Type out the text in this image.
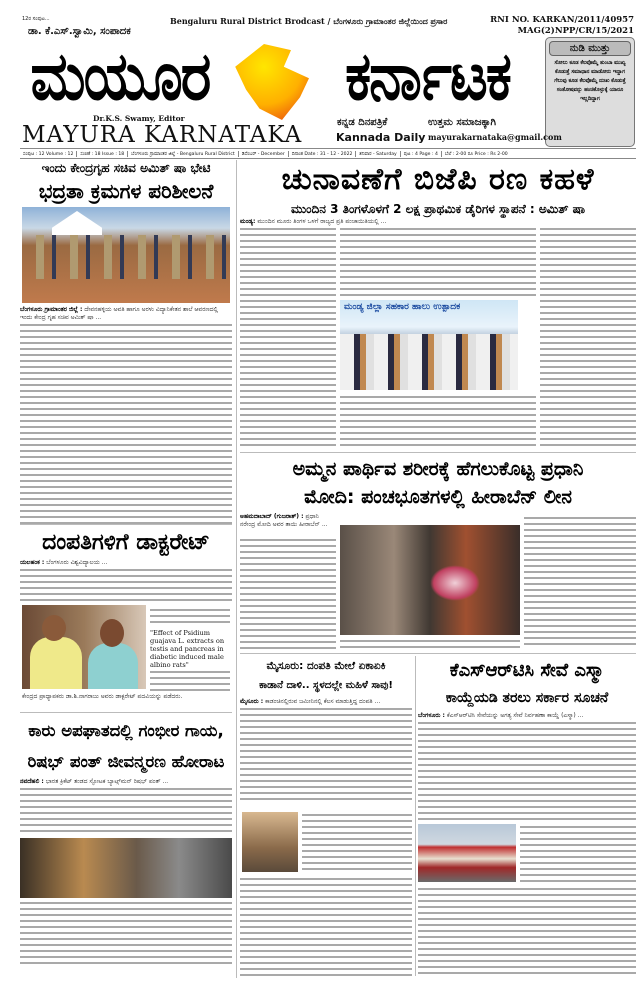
12ರ ಸಂಪುಟ...	Bengaluru Rural District Brodcast / ಬೆಂಗಳೂರು ಗ್ರಾಮಾಂತರ ಜಿಲ್ಲೆಯಿಂದ ಪ್ರಸಾರ	RNI NO. KARKAN/2011/40957
MAG(2)NPP/CR/15/2021
ಡಾ. ಕೆ.ಎಸ್.ಸ್ವಾಮಿ, ಸಂಪಾದಕ
ಮಯೂರ	ಕರ್ನಾಟಕ	ನುಡಿ ಮುತ್ತು
ಸೋಲು ಕೂಡ ಕೆಲವೊಮ್ಮೆ ತುಂಬಾ ಮುಖ್ಯ ಕೊಡುತ್ತೆ ಸಮಾಧಾನ ಮಾಡೋರು ಇದ್ದಾಗ ಗೆಲುವು ಕೂಡ ಕೆಲವೊಮ್ಮೆ ದುಃಖ ಕೊಡುತ್ತೆ ಸಂತೋಷವನ್ನು ಹಂಚಿಕೊಳ್ಳುಕ್ಕೆ ಯಾರೂ ಇಲ್ಲದಿದ್ದಾಗ
Dr.K.S. Swamy, Editor
MAYURA KARNATAKA	ಕನ್ನಡ ದಿನಪತ್ರಿಕೆ	ಉತ್ತಮ ಸಮಾಜಕ್ಕಾಗಿ
Kannada Daily mayurakarnataka@gmail.com
ಸಂಪುಟ : 12 Volume : 12	ಸಂಚಿಕೆ : 18 Issue : 18	ಬೆಂಗಳೂರು ಗ್ರಾಮಾಂತರ ಜಿಲ್ಲೆ - Bengaluru Rural District	ಡಿಸೆಂಬರ್ - December	ದಿನಾಂಕ Date : 31 - 12 - 2022	ಶನಿವಾರ - Saturday	ಪುಟ : 4 Page : 4	ಬೆಲೆ : 2-00 ರೂ Price : Rs 2-00
ಇಂದು ಕೇಂದ್ರಗೃಹ ಸಚಿವ ಅಮಿತ್ ಷಾ ಭೇಟಿ
ಭದ್ರತಾ ಕ್ರಮಗಳ ಪರಿಶೀಲನೆ
ಬೆಂಗಳೂರು ಗ್ರಾಮಾಂತರ ಜಿಲ್ಲೆ : ದೇವನಹಳ್ಳಿಯ ಅವತಿ ಹಾಗೂ ಅರಳು ವಿದ್ಯಾನಿಕೇತನ ಶಾಲೆ ಆವರಣದಲ್ಲಿ ಇಂದು ಕೇಂದ್ರ ಗೃಹ ಸಚಿವ ಅಮಿತ್ ಷಾ ...
ದಂಪತಿಗಳಿಗೆ ಡಾಕ್ಟರೇಟ್
ಯಲಹಂಕ : ಬೆಂಗಳೂರು ವಿಶ್ವವಿದ್ಯಾಲಯ ...
"Effect of Psidium guajava L. extracts on testis and pancreas in diabetic induced male albino rats"
ಕೇಂದ್ರದ ಪ್ರಾಧ್ಯಾಪಕರು ಡಾ.ಶಿ.ನಾಗರಾಜು ಅವರು ಡಾಕ್ಟರೇಟ್ ಪದವಿಯನ್ನು ಪಡೆದರು.
ಕಾರು ಅಪಘಾತದಲ್ಲಿ ಗಂಭೀರ ಗಾಯ,
ರಿಷಭ್ ಪಂತ್ ಜೀವನ್ಮರಣ ಹೋರಾಟ
ನವದೆಹಲಿ : ಭಾರತ ಕ್ರಿಕೆಟ್ ತಂಡದ ಸ್ಫೋಟಕ ಬ್ಯಾಟ್ಸ್‌ಮನ್ ರಿಷಭ್ ಪಂತ್ ...
ಚುನಾವಣೆಗೆ ಬಿಜೆಪಿ ರಣ ಕಹಳೆ
ಮುಂದಿನ 3 ತಿಂಗಳೊಳಗೆ 2 ಲಕ್ಷ ಪ್ರಾಥಮಿಕ ಡೈರಿಗಳ ಸ್ಥಾಪನೆ : ಅಮಿತ್ ಷಾ
ಮಂಡ್ಯ: ಮುಂದಿನ ಮೂರು ತಿಂಗಳ ಒಳಗೆ ರಾಜ್ಯದ ಪ್ರತಿ ಪಂಚಾಯಿತಿಯಲ್ಲಿ ...
ಮಂಡ್ಯ ಜಿಲ್ಲಾ ಸಹಕಾರ ಹಾಲು ಉತ್ಪಾದಕ
ಅಮ್ಮನ ಪಾರ್ಥಿವ ಶರೀರಕ್ಕೆ ಹೆಗಲುಕೊಟ್ಟ ಪ್ರಧಾನಿ
ಮೋದಿ: ಪಂಚಭೂತಗಳಲ್ಲಿ ಹೀರಾಬೆನ್ ಲೀನ
ಅಹಮದಾಬಾದ್ (ಗುಜರಾತ್) : ಪ್ರಧಾನಿ ನರೇಂದ್ರ ಮೋದಿ ಅವರ ತಾಯಿ ಹೀರಾಬೆನ್ ...
ಮೈಸೂರು: ದಂಪತಿ ಮೇಲೆ ಏಕಾಏಕಿ
ಕಾಡಾನೆ ದಾಳಿ.. ಸ್ಥಳದಲ್ಲೇ ಮಹಿಳೆ ಸಾವು!
ಮೈಸೂರು : ಕಾಡಂಚಿನಲ್ಲಿರುವ ಜಮೀನಿನಲ್ಲಿ ಕೆಲಸ ಮಾಡುತ್ತಿದ್ದ ದಂಪತಿ ...
ಕೆಎಸ್‌ಆರ್‌ಟಿಸಿ ಸೇವೆ ಎಸ್ಮಾ
ಕಾಯ್ದೆಯಡಿ ತರಲು ಸರ್ಕಾರ ಸೂಚನೆ
ಬೆಂಗಳೂರು : ಕೆಎಸ್‌ಆರ್‌ಟಿಸಿ ಸೇವೆಯನ್ನು ಅಗತ್ಯ ಸೇವೆ ನಿರ್ವಹಣಾ ಕಾಯ್ದೆ (ಎಸ್ಮಾ) ...
